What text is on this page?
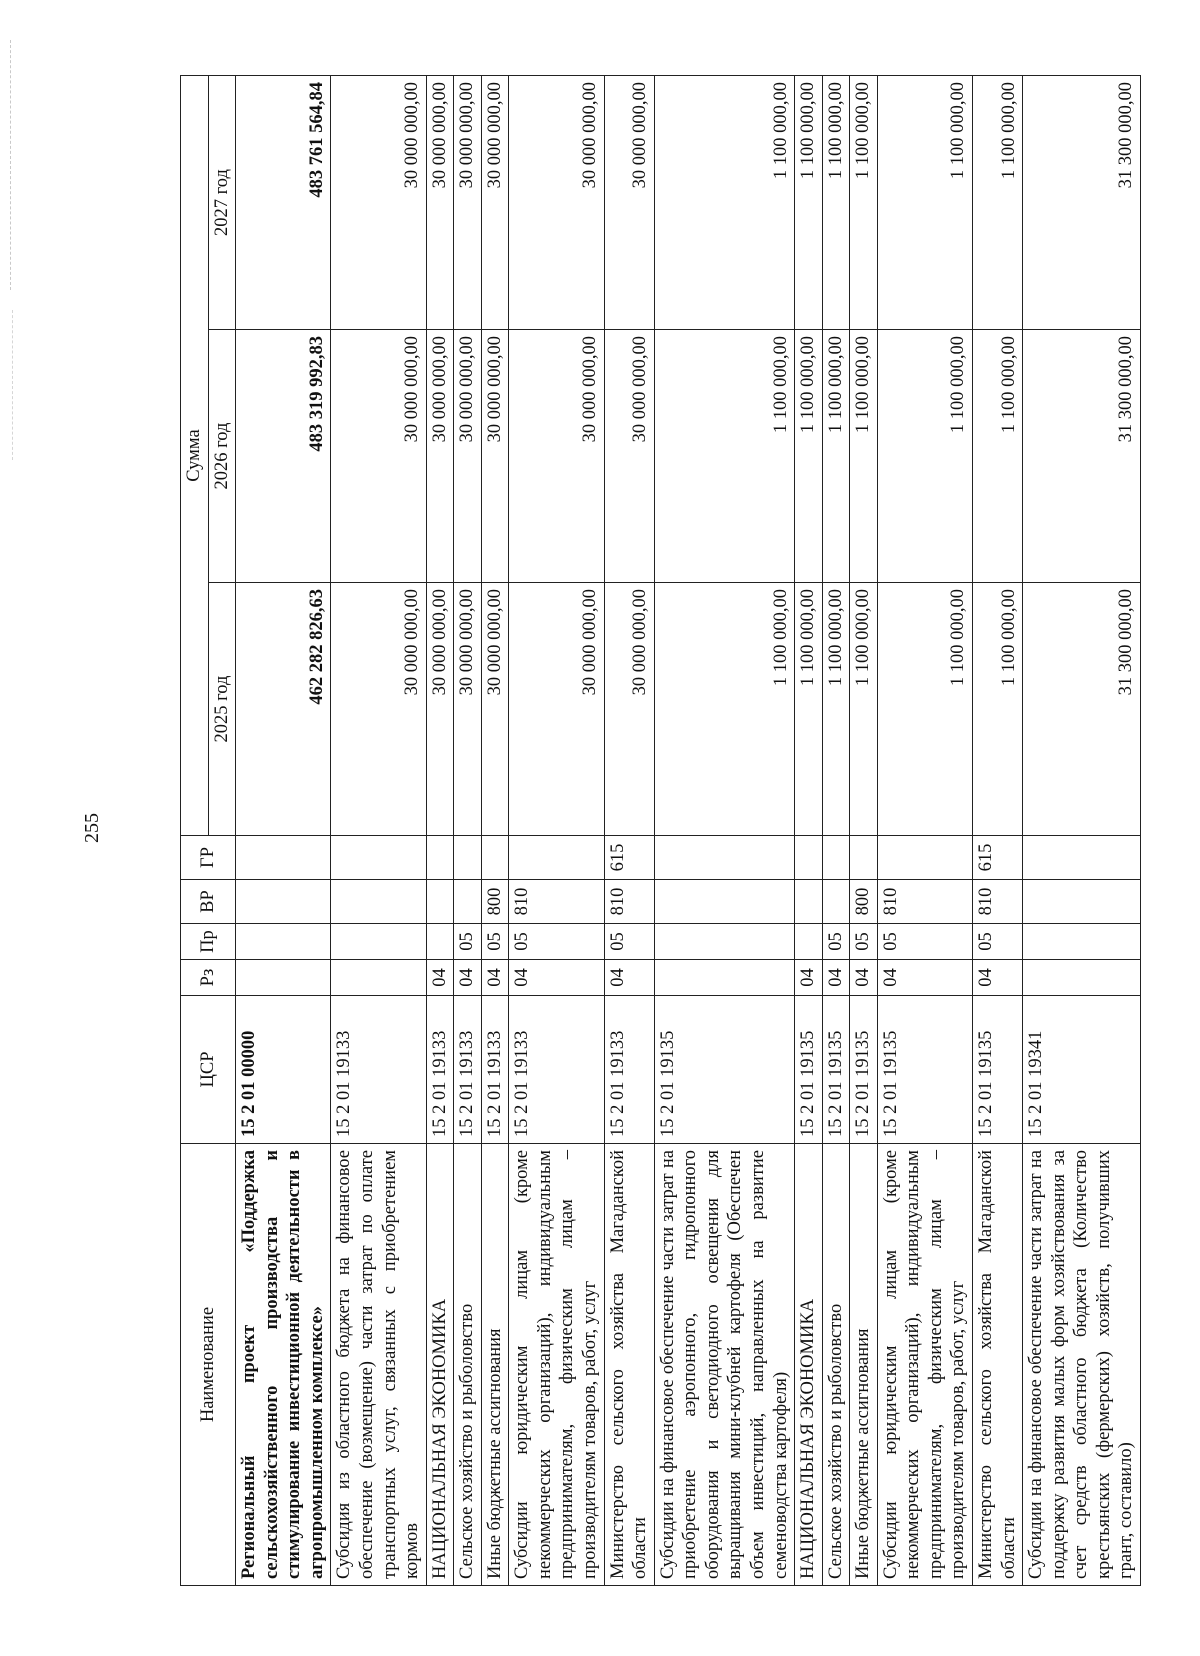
255
Наименование	ЦСР	Рз	Пр	ВР	ГР	Сумма		
						2025 год	2026 год	2027 год
Региональный проект «Поддержка сельскохозяйственного производства и стимулирование инвестиционной деятельности в агропромышленном комплексе»	15 2 01 00000					462 282 826,63	483 319 992,83	483 761 564,84
Субсидия из областного бюджета на финансовое обеспечение (возмещение) части затрат по оплате транспортных услуг, связанных с приобретением кормов	15 2 01 19133					30 000 000,00	30 000 000,00	30 000 000,00
НАЦИОНАЛЬНАЯ ЭКОНОМИКА	15 2 01 19133	04				30 000 000,00	30 000 000,00	30 000 000,00
Сельское хозяйство и рыболовство	15 2 01 19133	04	05			30 000 000,00	30 000 000,00	30 000 000,00
Иные бюджетные ассигнования	15 2 01 19133	04	05	800		30 000 000,00	30 000 000,00	30 000 000,00
Субсидии юридическим лицам (кроме некоммерческих организаций), индивидуальным предпринимателям, физическим лицам – производителям товаров, работ, услуг	15 2 01 19133	04	05	810		30 000 000,00	30 000 000,00	30 000 000,00
Министерство сельского хозяйства Магаданской области	15 2 01 19133	04	05	810	615	30 000 000,00	30 000 000,00	30 000 000,00
Субсидии на финансовое обеспечение части затрат на приобретение аэропонного, гидропонного оборудования и светодиодного освещения для выращивания мини-клубней картофеля (Обеспечен объем инвестиций, направленных на развитие семеноводства картофеля)	15 2 01 19135					1 100 000,00	1 100 000,00	1 100 000,00
НАЦИОНАЛЬНАЯ ЭКОНОМИКА	15 2 01 19135	04				1 100 000,00	1 100 000,00	1 100 000,00
Сельское хозяйство и рыболовство	15 2 01 19135	04	05			1 100 000,00	1 100 000,00	1 100 000,00
Иные бюджетные ассигнования	15 2 01 19135	04	05	800		1 100 000,00	1 100 000,00	1 100 000,00
Субсидии юридическим лицам (кроме некоммерческих организаций), индивидуальным предпринимателям, физическим лицам – производителям товаров, работ, услуг	15 2 01 19135	04	05	810		1 100 000,00	1 100 000,00	1 100 000,00
Министерство сельского хозяйства Магаданской области	15 2 01 19135	04	05	810	615	1 100 000,00	1 100 000,00	1 100 000,00
Субсидии на финансовое обеспечение части затрат на поддержку развития малых форм хозяйствования за счет средств областного бюджета (Количество крестьянских (фермерских) хозяйств, получивших грант, составило)	15 2 01 19341					31 300 000,00	31 300 000,00	31 300 000,00
